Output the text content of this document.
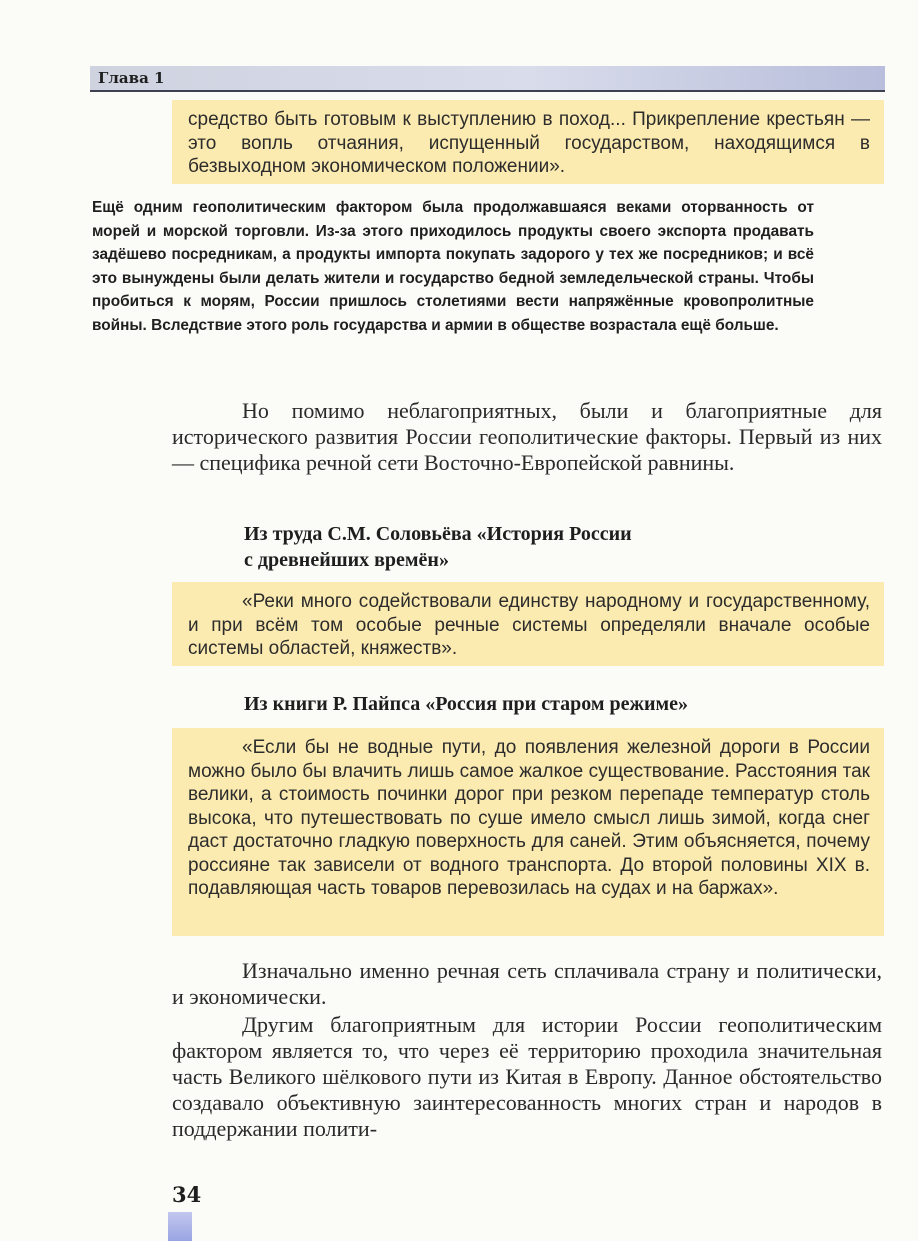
Глава 1

средство быть готовым к выступлению в поход... Прикрепление крестьян — это вопль отчаяния, испущенный государством, находящимся в безвыходном экономическом положении».

Ещё одним геополитическим фактором была продолжавшаяся веками оторванность от морей и морской торговли. Из-за этого приходилось продукты своего экспорта продавать задёшево посредникам, а продукты импорта покупать задорого у тех же посредников; и всё это вынуждены были делать жители и государство бедной земледельческой страны. Чтобы пробиться к морям, России пришлось столетиями вести напряжённые кровопролитные войны. Вследствие этого роль государства и армии в обществе возрастала ещё больше.

Но помимо неблагоприятных, были и благоприятные для исторического развития России геополитические факторы. Первый из них — специфика речной сети Восточно-Европейской равнины.

Из труда С.М. Соловьёва «История России

с древнейших времён»

«Реки много содействовали единству народному и государственному, и при всём том особые речные системы определяли вначале особые системы областей, княжеств».

Из книги Р. Пайпса «Россия при старом режиме»

«Если бы не водные пути, до появления железной дороги в России можно было бы влачить лишь самое жалкое существование. Расстояния так велики, а стоимость починки дорог при резком перепаде температур столь высока, что путешествовать по суше имело смысл лишь зимой, когда снег даст достаточно гладкую поверхность для саней. Этим объясняется, почему россияне так зависели от водного транспорта. До второй половины XIX в. подавляющая часть товаров перевозилась на судах и на баржах».

Изначально именно речная сеть сплачивала страну и политически, и экономически.

Другим благоприятным для истории России геополитическим фактором является то, что через её территорию проходила значительная часть Великого шёлкового пути из Китая в Европу. Данное обстоятельство создавало объективную заинтересованность многих стран и народов в поддержании полити-

34
